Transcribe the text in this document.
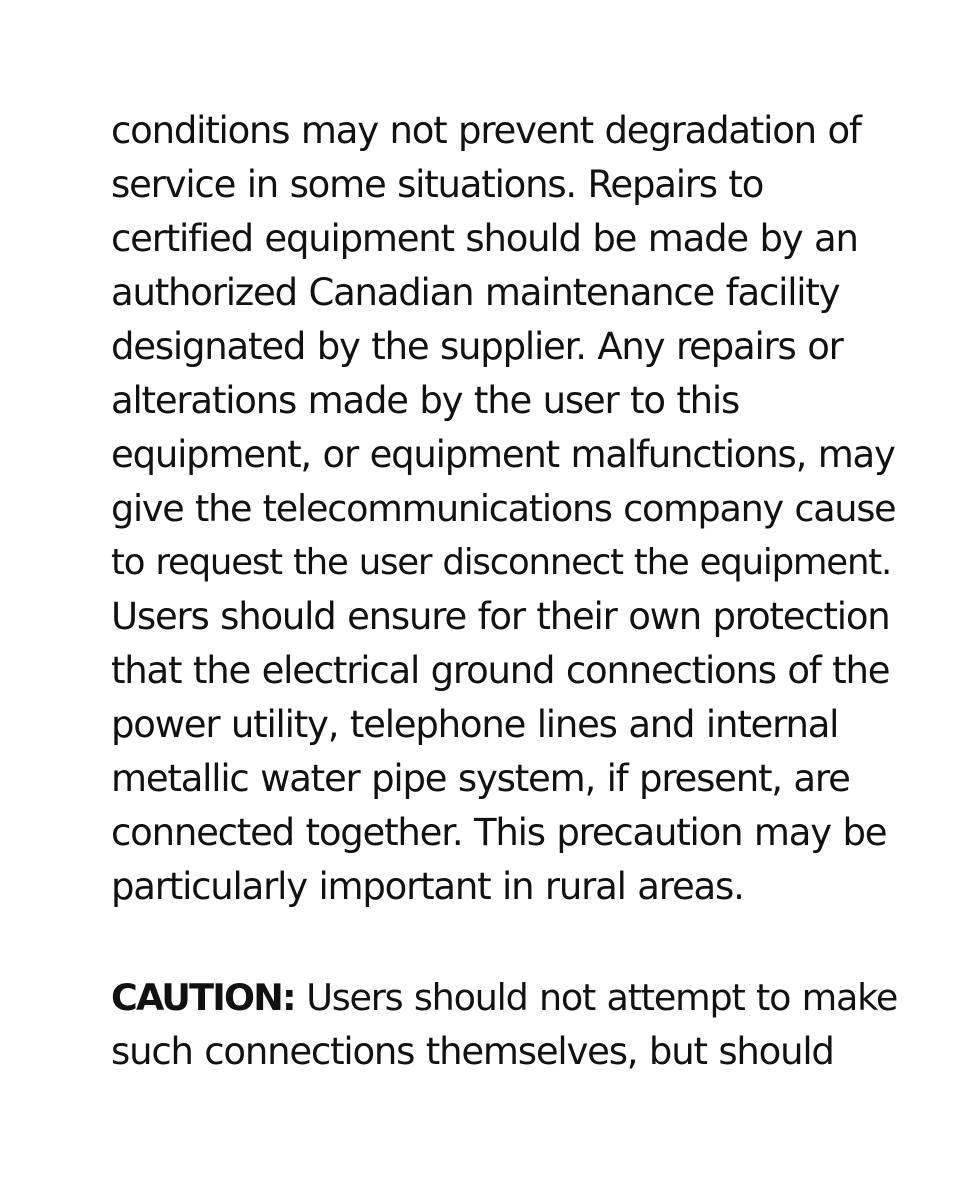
conditions may not prevent degradation of
service in some situations. Repairs to
certified equipment should be made by an
authorized Canadian maintenance facility
designated by the supplier. Any repairs or
alterations made by the user to this
equipment, or equipment malfunctions, may
give the telecommunications company cause
to request the user disconnect the equipment.
Users should ensure for their own protection
that the electrical ground connections of the
power utility, telephone lines and internal
metallic water pipe system, if present, are
connected together. This precaution may be
particularly important in rural areas.
CAUTION: Users should not attempt to make
such connections themselves, but should
